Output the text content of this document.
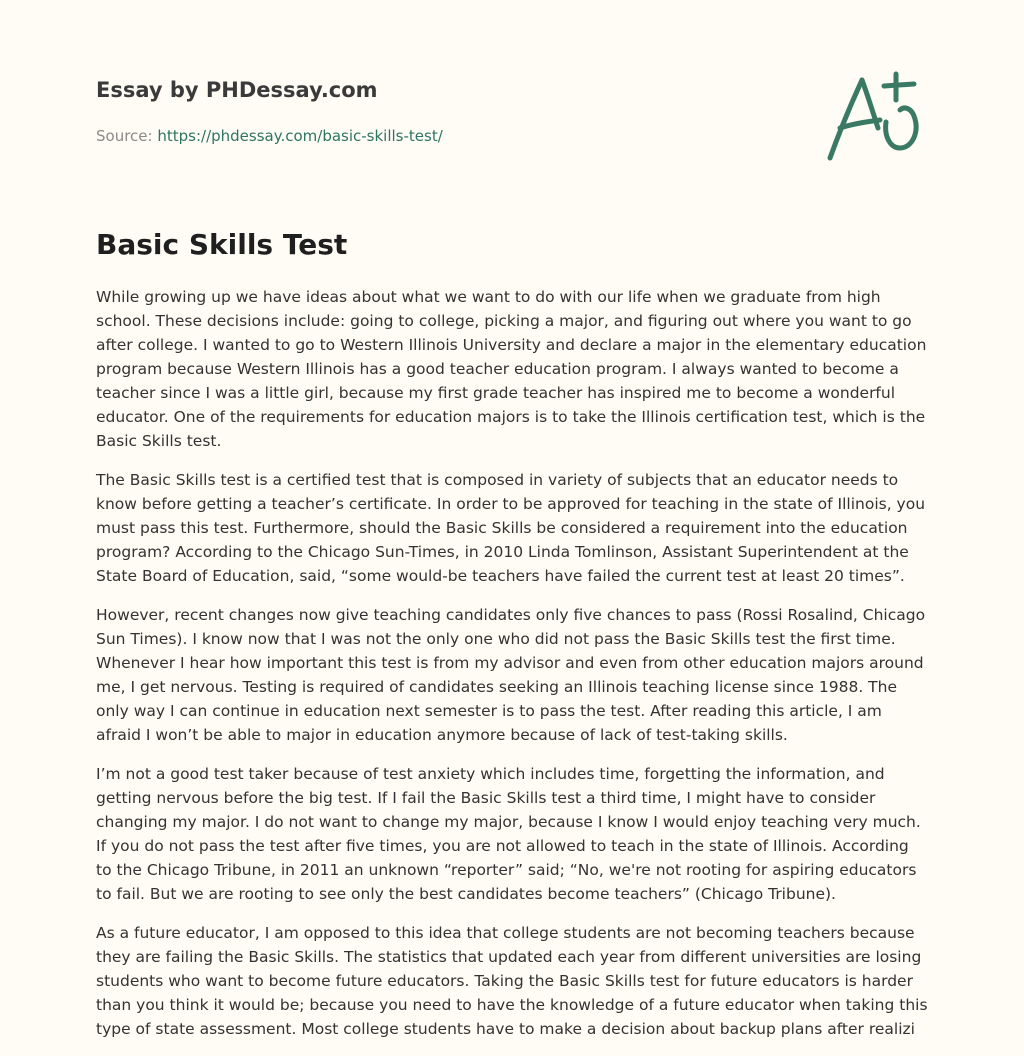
Essay by PHDessay.com
Source: https://phdessay.com/basic-skills-test/
Basic Skills Test

While growing up we have ideas about what we want to do with our life when we graduate from high school. These decisions include: going to college, picking a major, and figuring out where you want to go after college. I wanted to go to Western Illinois University and declare a major in the elementary education program because Western Illinois has a good teacher education program. I always wanted to become a teacher since I was a little girl, because my first grade teacher has inspired me to become a wonderful educator. One of the requirements for education majors is to take the Illinois certification test, which is the Basic Skills test.

The Basic Skills test is a certified test that is composed in variety of subjects that an educator needs to know before getting a teacher’s certificate. In order to be approved for teaching in the state of Illinois, you must pass this test. Furthermore, should the Basic Skills be considered a requirement into the education program? According to the Chicago Sun-Times, in 2010 Linda Tomlinson, Assistant Superintendent at the State Board of Education, said, “some would-be teachers have failed the current test at least 20 times”.

However, recent changes now give teaching candidates only five chances to pass (Rossi Rosalind, Chicago Sun Times). I know now that I was not the only one who did not pass the Basic Skills test the first time. Whenever I hear how important this test is from my advisor and even from other education majors around me, I get nervous. Testing is required of candidates seeking an Illinois teaching license since 1988. The only way I can continue in education next semester is to pass the test. After reading this article, I am afraid I won’t be able to major in education anymore because of lack of test-taking skills.

I’m not a good test taker because of test anxiety which includes time, forgetting the information, and getting nervous before the big test. If I fail the Basic Skills test a third time, I might have to consider changing my major. I do not want to change my major, because I know I would enjoy teaching very much. If you do not pass the test after five times, you are not allowed to teach in the state of Illinois. According to the Chicago Tribune, in 2011 an unknown “reporter” said; “No, we're not rooting for aspiring educators to fail. But we are rooting to see only the best candidates become teachers” (Chicago Tribune).

As a future educator, I am opposed to this idea that college students are not becoming teachers because they are failing the Basic Skills. The statistics that updated each year from different universities are losing students who want to become future educators. Taking the Basic Skills test for future educators is harder than you think it would be; because you need to have the knowledge of a future educator when taking this type of state assessment. Most college students have to make a decision about backup plans after realizi
